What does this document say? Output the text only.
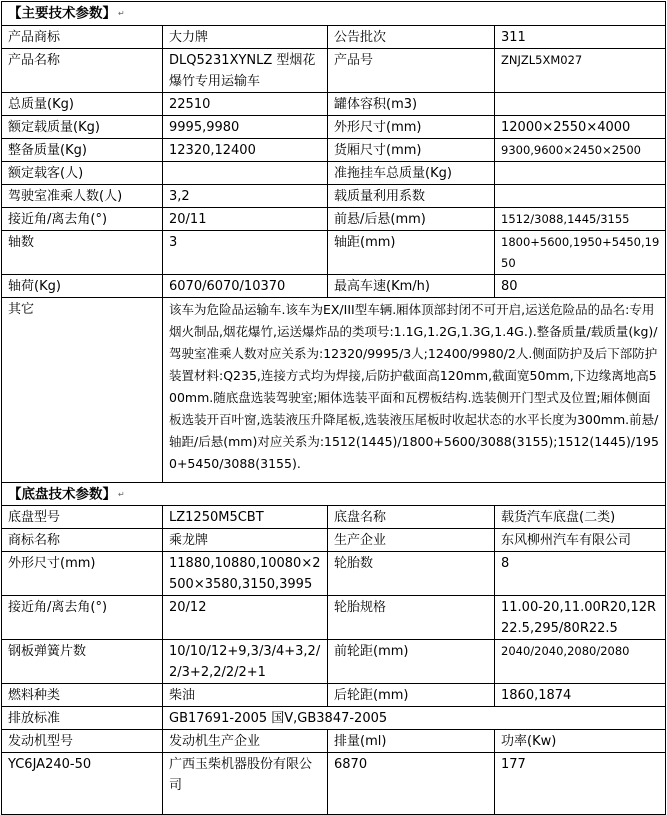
【主要技术参数】 ↵			
产品商标	大力牌	公告批次	311
产品名称	DLQ5231XYNLZ 型烟花爆竹专用运输车	产品号	ZNJZL5XM027
总质量(Kg)	22510	罐体容积(m3)	
额定载质量(Kg)	9995,9980	外形尺寸(mm)	12000×2550×4000
整备质量(Kg)	12320,12400	货厢尺寸(mm)	9300,9600×2450×2500
额定载客(人)		准拖挂车总质量(Kg)	
驾驶室准乘人数(人)	3,2	载质量利用系数	
接近角/离去角(°)	20/11	前悬/后悬(mm)	1512/3088,1445/3155
轴数	3	轴距(mm)	1800+5600,1950+5450,1950
轴荷(Kg)	6070/6070/10370	最高车速(Km/h)	80
其它	该车为危险品运输车.该车为EX/III型车辆.厢体顶部封闭不可开启,运送危险品的品名:专用烟火制品,烟花爆竹,运送爆炸品的类项号:1.1G,1.2G,1.3G,1.4G.).整备质量/载质量(kg)/驾驶室准乘人数对应关系为:12320/9995/3人;12400/9980/2人.侧面防护及后下部防护装置材料:Q235,连接方式均为焊接,后防护截面高120mm,截面宽50mm,下边缘离地高500mm.随底盘选装驾驶室;厢体选装平面和瓦楞板结构.选装侧开门型式及位置;厢体侧面板选装开百叶窗,选装液压升降尾板,选装液压尾板时收起状态的水平长度为300mm.前悬/轴距/后悬(mm)对应关系为:1512(1445)/1800+5600/3088(3155);1512(1445)/1950+5450/3088(3155).		
【底盘技术参数】 ↵			
底盘型号	LZ1250M5CBT	底盘名称	载货汽车底盘(二类)
商标名称	乘龙牌	生产企业	东风柳州汽车有限公司
外形尺寸(mm)	11880,10880,10080×2500×3580,3150,3995	轮胎数	8
接近角/离去角(°)	20/12	轮胎规格	11.00-20,11.00R20,12R22.5,295/80R22.5
钢板弹簧片数	10/10/12+9,3/3/4+3,2/2/3+2,2/2/2+1	前轮距(mm)	2040/2040,2080/2080
燃料种类	柴油	后轮距(mm)	1860,1874
排放标准	GB17691-2005 国Ⅴ,GB3847-2005		
发动机型号	发动机生产企业	排量(ml)	功率(Kw)
YC6JA240-50	广西玉柴机器股份有限公司	6870	177
